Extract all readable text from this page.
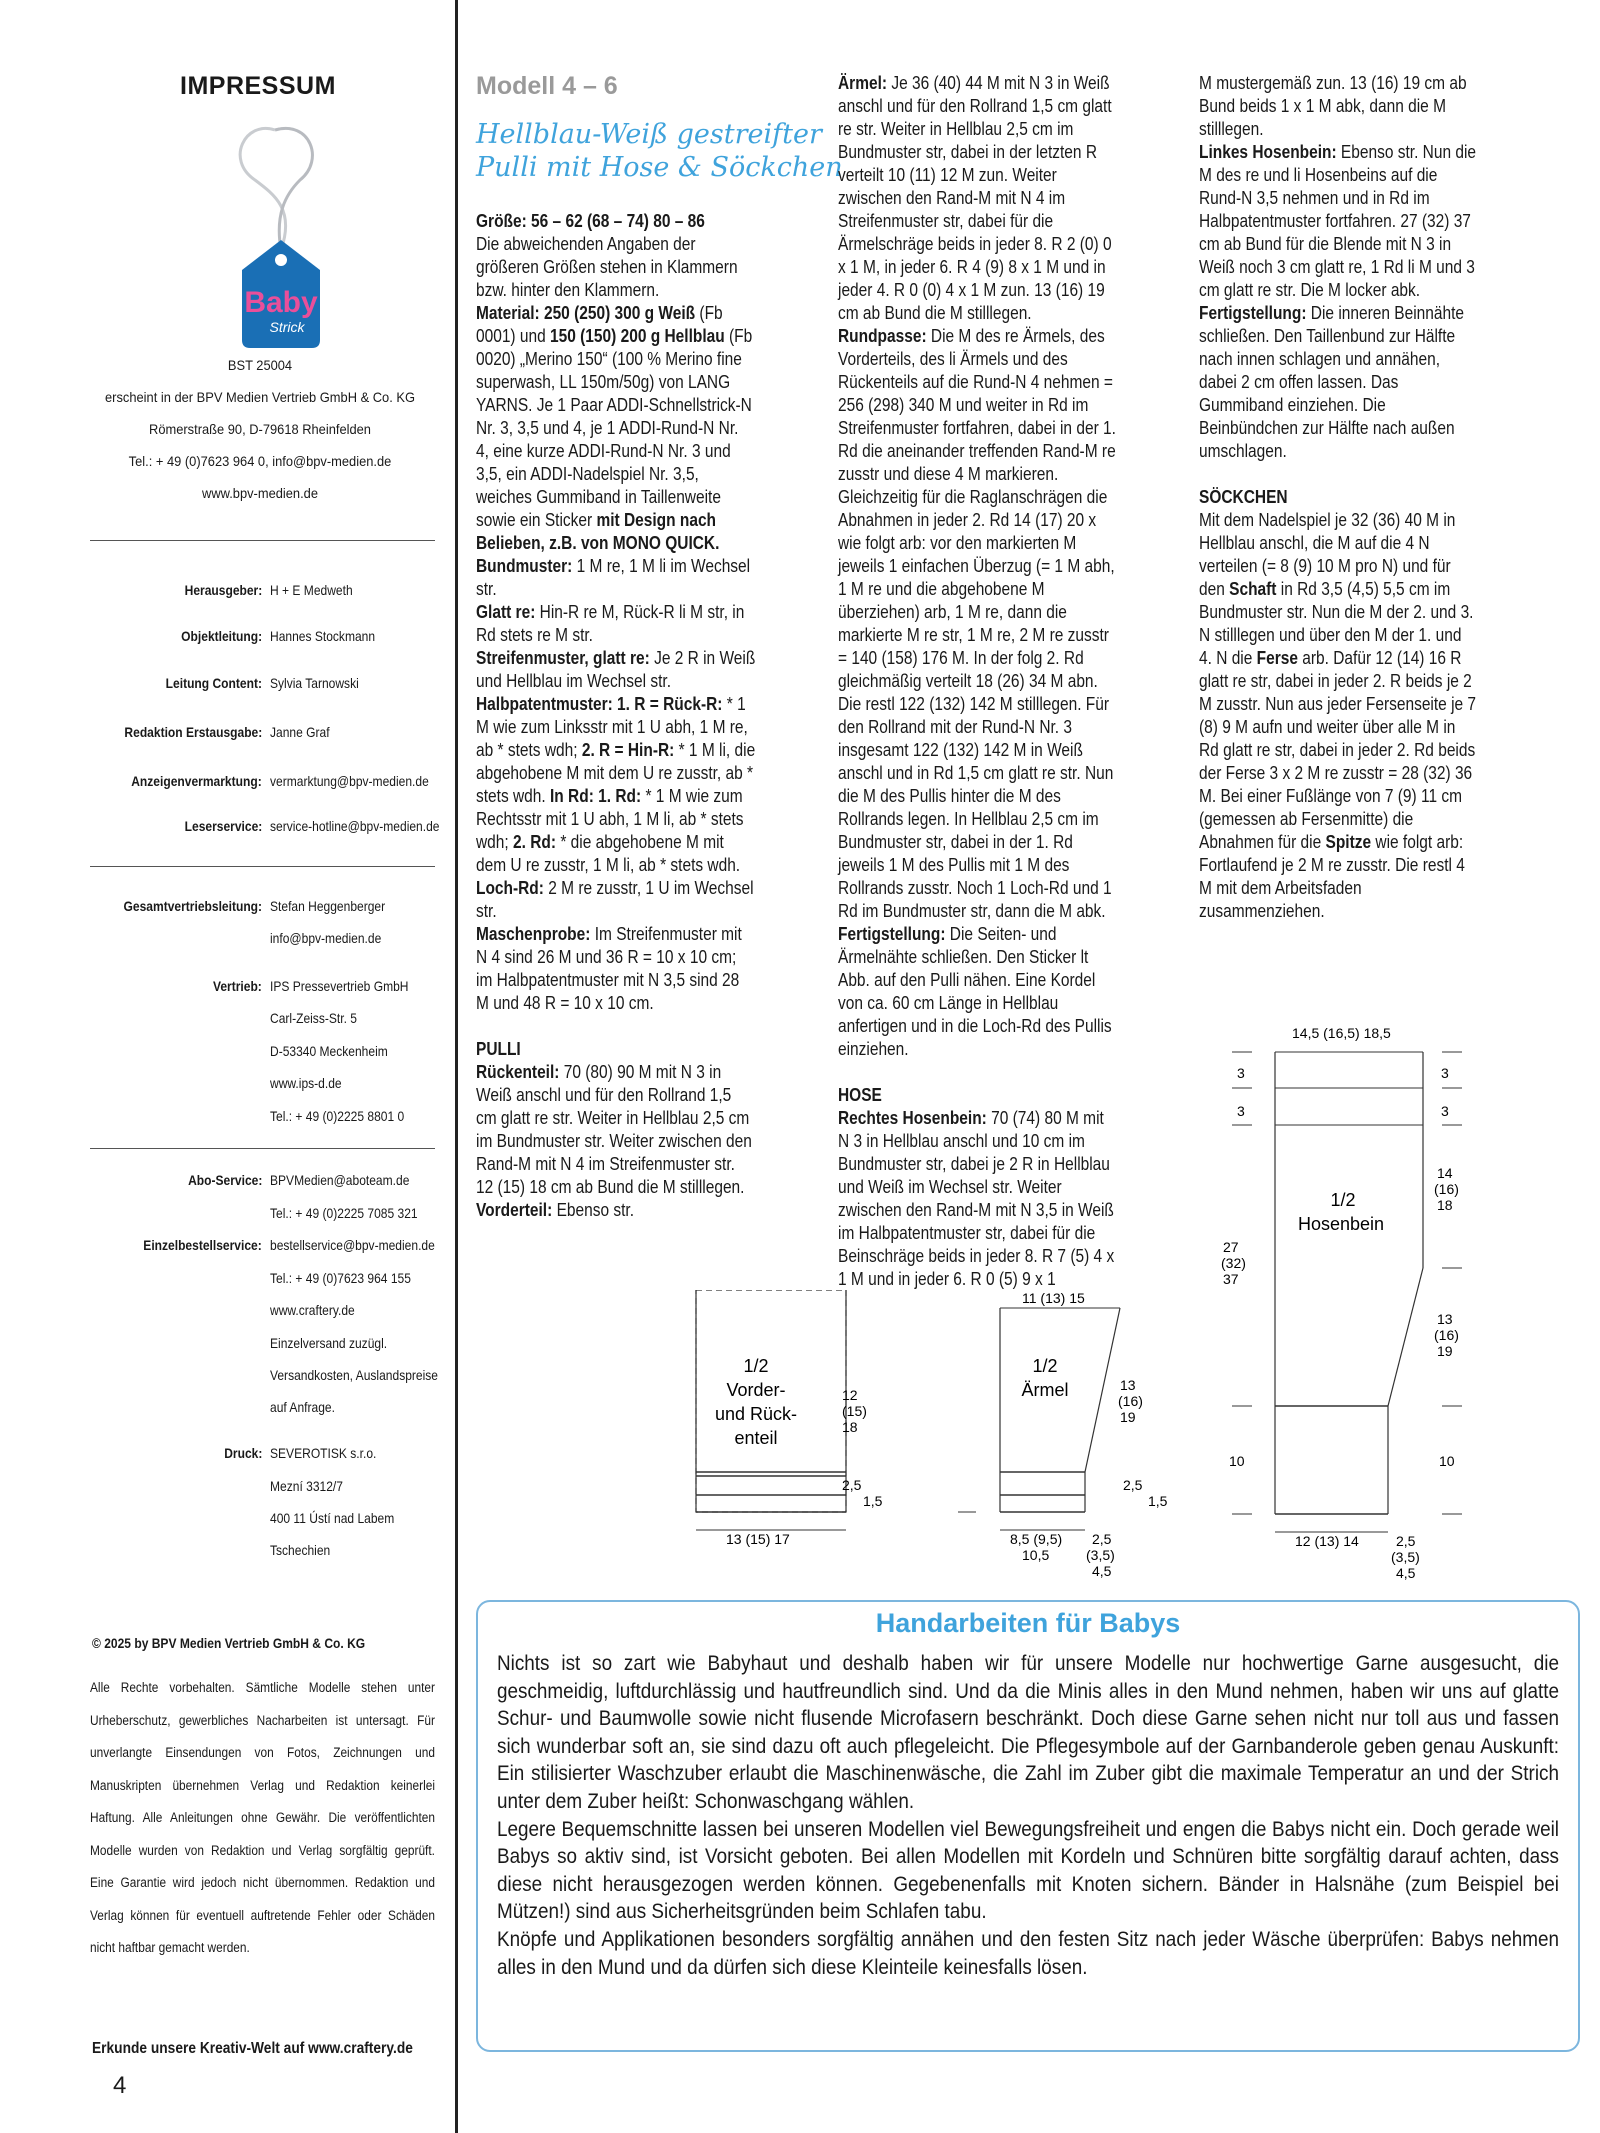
IMPRESSUM
Baby
Strick
BST 25004
erscheint in der BPV Medien Vertrieb GmbH & Co. KG
Römerstraße 90, D-79618 Rheinfelden
Tel.: + 49 (0)7623 964 0, info@bpv-medien.de
www.bpv-medien.de
Herausgeber: H + E Medweth
Objektleitung: Hannes Stockmann
Leitung Content: Sylvia Tarnowski
Redaktion Erstausgabe: Janne Graf
Anzeigenvermarktung: vermarktung@bpv-medien.de
Leserservice: service-hotline@bpv-medien.de
Gesamtvertriebsleitung: Stefan Heggenberger
info@bpv-medien.de
Vertrieb: IPS Pressevertrieb GmbH
Carl-Zeiss-Str. 5
D-53340 Meckenheim
www.ips-d.de
Tel.: + 49 (0)2225 8801 0
Abo-Service: BPVMedien@aboteam.de
Tel.: + 49 (0)2225 7085 321
Einzelbestellservice: bestellservice@bpv-medien.de
Tel.: + 49 (0)7623 964 155
www.craftery.de
Einzelversand zuzügl.
Versandkosten, Auslandspreise
auf Anfrage.
Druck: SEVEROTISK s.r.o.
Mezní 3312/7
400 11 Ústí nad Labem
Tschechien
© 2025 by BPV Medien Vertrieb GmbH & Co. KG
Alle Rechte vorbehalten. Sämtliche Modelle stehen unter Urheberschutz, gewerbliches Nacharbeiten ist untersagt. Für unverlangte Einsendungen von Fotos, Zeichnungen und Manuskripten übernehmen Verlag und Redaktion keinerlei Haftung. Alle Anleitungen ohne Gewähr. Die veröffentlichten Modelle wurden von Redaktion und Verlag sorgfältig geprüft. Eine Garantie wird jedoch nicht übernommen. Redaktion und Verlag können für eventuell auftretende Fehler oder Schäden nicht haftbar gemacht werden.
Erkunde unsere Kreativ-Welt auf www.craftery.de
4
Modell 4 – 6
Hellblau-Weiß gestreifter
Pulli mit Hose & Söckchen

Größe: 56 – 62 (68 – 74) 80 – 86

Die abweichenden Angaben der größeren Größen stehen in Klammern bzw. hinter den Klammern.

Material: 250 (250) 300 g Weiß (Fb 0001) und 150 (150) 200 g Hellblau (Fb 0020) „Merino 150“ (100 % Merino fine superwash, LL 150m/50g) von LANG YARNS. Je 1 Paar ADDI-Schnellstrick-N Nr. 3, 3,5 und 4, je 1 ADDI-Rund-N Nr. 4, eine kurze ADDI-Rund-N Nr. 3 und 3,5, ein ADDI-Nadelspiel Nr. 3,5, weiches Gummiband in Taillenweite sowie ein Sticker mit Design nach Belieben, z.B. von MONO QUICK.

Bundmuster: 1 M re, 1 M li im Wechsel str.

Glatt re: Hin-R re M, Rück-R li M str, in Rd stets re M str.

Streifenmuster, glatt re: Je 2 R in Weiß und Hellblau im Wechsel str.

Halbpatentmuster: 1. R = Rück-R: * 1 M wie zum Linksstr mit 1 U abh, 1 M re, ab * stets wdh; 2. R = Hin-R: * 1 M li, die abgehobene M mit dem U re zusstr, ab * stets wdh. In Rd: 1. Rd: * 1 M wie zum Rechtsstr mit 1 U abh, 1 M li, ab * stets wdh; 2. Rd: * die abgehobene M mit dem U re zusstr, 1 M li, ab * stets wdh.

Loch-Rd: 2 M re zusstr, 1 U im Wechsel str.

Maschenprobe: Im Streifenmuster mit N 4 sind 26 M und 36 R = 10 x 10 cm; im Halbpatentmuster mit N 3,5 sind 28 M und 48 R = 10 x 10 cm.

PULLI

Rückenteil: 70 (80) 90 M mit N 3 in Weiß anschl und für den Rollrand 1,5 cm glatt re str. Weiter in Hellblau 2,5 cm im Bundmuster str. Weiter zwischen den Rand-M mit N 4 im Streifenmuster str. 12 (15) 18 cm ab Bund die M stilllegen.

Vorderteil: Ebenso str.

Ärmel: Je 36 (40) 44 M mit N 3 in Weiß anschl und für den Rollrand 1,5 cm glatt re str. Weiter in Hellblau 2,5 cm im Bundmuster str, dabei in der letzten R verteilt 10 (11) 12 M zun. Weiter zwischen den Rand-M mit N 4 im Streifenmuster str, dabei für die Ärmelschräge beids in jeder 8. R 2 (0) 0 x 1 M, in jeder 6. R 4 (9) 8 x 1 M und in jeder 4. R 0 (0) 4 x 1 M zun. 13 (16) 19 cm ab Bund die M stilllegen.

Rundpasse: Die M des re Ärmels, des Vorderteils, des li Ärmels und des Rückenteils auf die Rund-N 4 nehmen = 256 (298) 340 M und weiter in Rd im Streifenmuster fortfahren, dabei in der 1. Rd die aneinander treffenden Rand-M re zusstr und diese 4 M markieren. Gleichzeitig für die Raglanschrägen die Abnahmen in jeder 2. Rd 14 (17) 20 x wie folgt arb: vor den markierten M jeweils 1 einfachen Überzug (= 1 M abh, 1 M re und die abgehobene M überziehen) arb, 1 M re, dann die markierte M re str, 1 M re, 2 M re zusstr = 140 (158) 176 M. In der folg 2. Rd gleichmäßig verteilt 18 (26) 34 M abn. Die restl 122 (132) 142 M stilllegen. Für den Rollrand mit der Rund-N Nr. 3 insgesamt 122 (132) 142 M in Weiß anschl und in Rd 1,5 cm glatt re str. Nun die M des Pullis hinter die M des Rollrands legen. In Hellblau 2,5 cm im Bundmuster str, dabei in der 1. Rd jeweils 1 M des Pullis mit 1 M des Rollrands zusstr. Noch 1 Loch-Rd und 1 Rd im Bundmuster str, dann die M abk.

Fertigstellung: Die Seiten- und Ärmelnähte schließen. Den Sticker lt Abb. auf den Pulli nähen. Eine Kordel von ca. 60 cm Länge in Hellblau anfertigen und in die Loch-Rd des Pullis einziehen.

HOSE

Rechtes Hosenbein: 70 (74) 80 M mit N 3 in Hellblau anschl und 10 cm im Bundmuster str, dabei je 2 R in Hellblau und Weiß im Wechsel str. Weiter zwischen den Rand-M mit N 3,5 in Weiß im Halbpatentmuster str, dabei für die Beinschräge beids in jeder 8. R 7 (5) 4 x 1 M und in jeder 6. R 0 (5) 9 x 1

M mustergemäß zun. 13 (16) 19 cm ab Bund beids 1 x 1 M abk, dann die M stilllegen.

Linkes Hosenbein: Ebenso str. Nun die M des re und li Hosenbeins auf die Rund-N 3,5 nehmen und in Rd im Halbpatentmuster fortfahren. 27 (32) 37 cm ab Bund für die Blende mit N 3 in Weiß noch 3 cm glatt re, 1 Rd li M und 3 cm glatt re str. Die M locker abk.

Fertigstellung: Die inneren Beinnähte schließen. Den Taillenbund zur Hälfte nach innen schlagen und annähen, dabei 2 cm offen lassen. Das Gummiband einziehen. Die Beinbündchen zur Hälfte nach außen umschlagen.

SÖCKCHEN

Mit dem Nadelspiel je 32 (36) 40 M in Hellblau anschl, die M auf die 4 N verteilen (= 8 (9) 10 M pro N) und für den Schaft in Rd 3,5 (4,5) 5,5 cm im Bundmuster str. Nun die M der 2. und 3. N stilllegen und über den M der 1. und 4. N die Ferse arb. Dafür 12 (14) 16 R glatt re str, dabei in jeder 2. R beids je 2 M zusstr. Nun aus jeder Fersenseite je 7 (8) 9 M aufn und weiter über alle M in Rd glatt re str, dabei in jeder 2. Rd beids der Ferse 3 x 2 M re zusstr = 28 (32) 36 M. Bei einer Fußlänge von 7 (9) 11 cm (gemessen ab Fersenmitte) die Abnahmen für die Spitze wie folgt arb: Fortlaufend je 2 M re zusstr. Die restl 4 M mit dem Arbeitsfaden zusammenziehen.

1/2
Vorder-
und Rück-
enteil
12
(15)
18
2,5
1,5
13 (15) 17
11 (13) 15
1/2
Ärmel	13
(16)
19
2,5
1,5
8,5 (9,5)
10,5
2,5
(3,5)
4,5
14,5 (16,5) 18,5
3
3
3
3
1/2
Hosenbein
27
(32)
37
14
(16)
18
13
(16)
19
10	10
12 (13) 14	2,5
(3,5)
4,5
Handarbeiten für Babys

Nichts ist so zart wie Babyhaut und deshalb haben wir für unsere Modelle nur hochwertige Garne ausgesucht, die geschmeidig, luftdurchlässig und hautfreundlich sind. Und da die Minis alles in den Mund nehmen, haben wir uns auf glatte Schur- und Baumwolle sowie nicht flusende Microfasern beschränkt. Doch diese Garne sehen nicht nur toll aus und fassen sich wunderbar soft an, sie sind dazu oft auch pflegeleicht. Die Pflegesymbole auf der Garnbanderole geben genau Auskunft: Ein stilisierter Waschzuber erlaubt die Maschinenwäsche, die Zahl im Zuber gibt die maximale Temperatur an und der Strich unter dem Zuber heißt: Schonwaschgang wählen.

Legere Bequemschnitte lassen bei unseren Modellen viel Bewegungsfreiheit und engen die Babys nicht ein. Doch gerade weil Babys so aktiv sind, ist Vorsicht geboten. Bei allen Modellen mit Kordeln und Schnüren bitte sorgfältig darauf achten, dass diese nicht herausgezogen werden können. Gegebenenfalls mit Knoten sichern. Bänder in Halsnähe (zum Beispiel bei Mützen!) sind aus Sicherheitsgründen beim Schlafen tabu.

Knöpfe und Applikationen besonders sorgfältig annähen und den festen Sitz nach jeder Wäsche überprüfen: Babys nehmen alles in den Mund und da dürfen sich diese Kleinteile keinesfalls lösen.
